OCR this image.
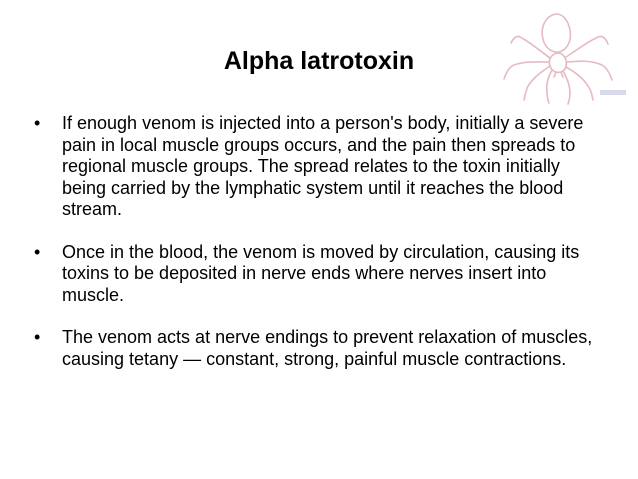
Alpha latrotoxin
• If enough venom is injected into a person's body, initially a severe pain in local muscle groups occurs, and the pain then spreads to regional muscle groups. The spread relates to the toxin initially being carried by the lymphatic system until it reaches the blood stream.
• Once in the blood, the venom is moved by circulation, causing its toxins to be deposited in nerve ends where nerves insert into muscle.
• The venom acts at nerve endings to prevent relaxation of muscles, causing tetany — constant, strong, painful muscle contractions.
